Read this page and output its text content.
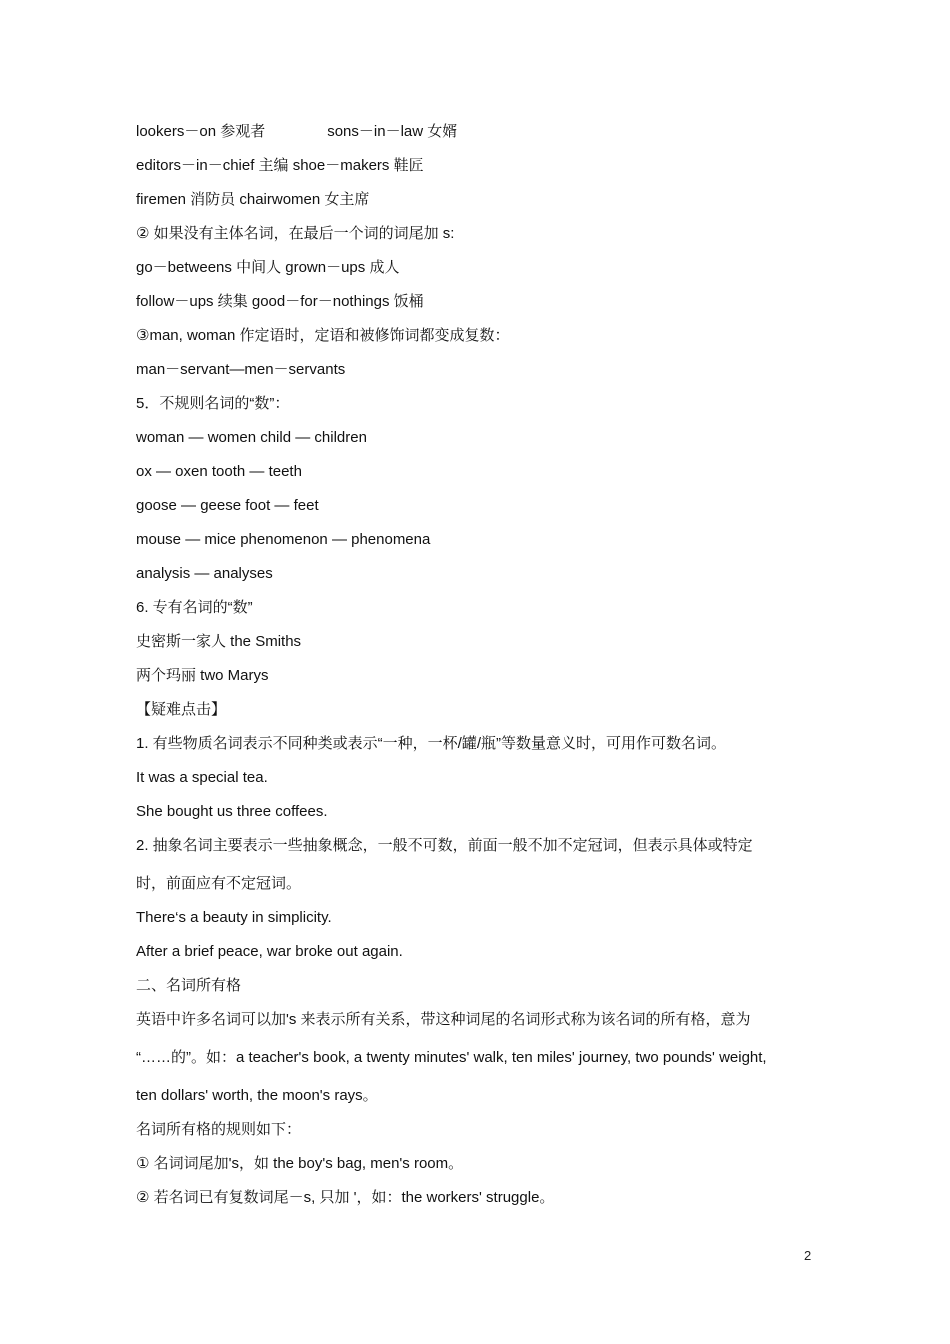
lookers－on 参观者	sons－in－law 女婿
editors－in－chief 主编 shoe－makers 鞋匠
firemen 消防员 chairwomen 女主席
② 如果没有主体名词，在最后一个词的词尾加 s:
go－betweens 中间人 grown－ups 成人
follow－ups 续集 good－for－nothings 饭桶
③man, woman 作定语时，定语和被修饰词都变成复数：
man－servant—men－servants
5．不规则名词的“数”：
woman — women child — children
ox — oxen tooth — teeth
goose — geese foot — feet
mouse — mice phenomenon — phenomena
analysis — analyses
6. 专有名词的“数”
史密斯一家人 the Smiths
两个玛丽 two Marys
【疑难点击】
1. 有些物质名词表示不同种类或表示“一种，一杯/罐/瓶”等数量意义时，可用作可数名词。
It was a special tea.
She bought us three coffees.
2. 抽象名词主要表示一些抽象概念，一般不可数，前面一般不加不定冠词，但表示具体或特定
时，前面应有不定冠词。
There‘s a beauty in simplicity.
After a brief peace, war broke out again.
二、名词所有格
英语中许多名词可以加's 来表示所有关系，带这种词尾的名词形式称为该名词的所有格，意为
“……的”。如：a teacher's book, a twenty minutes' walk, ten miles' journey, two pounds' weight,
ten dollars' worth, the moon's rays。
名词所有格的规则如下：
① 名词词尾加's，如 the boy's bag, men's room。
② 若名词已有复数词尾－s, 只加 '，如：the workers' struggle。
2
